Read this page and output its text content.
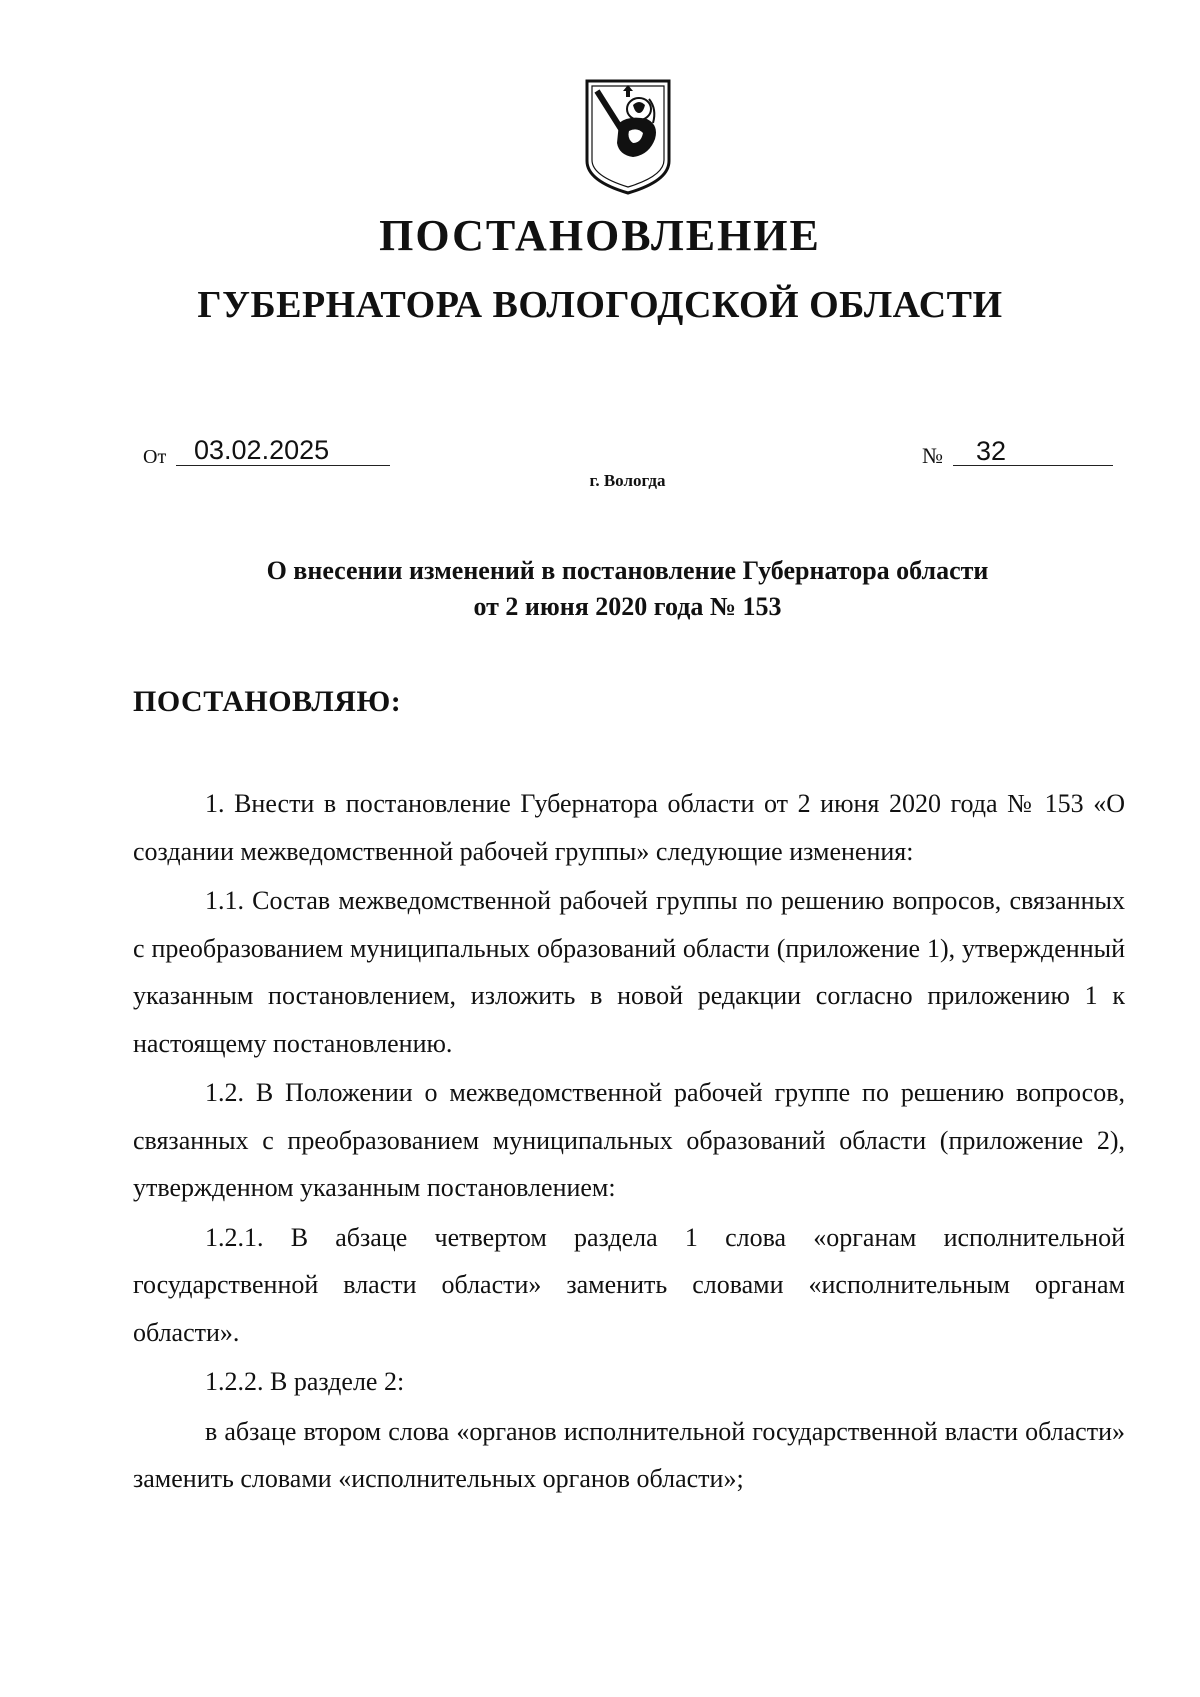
ПОСТАНОВЛЕНИЕ
ГУБЕРНАТОРА ВОЛОГОДСКОЙ ОБЛАСТИ
От 03.02.2025	№ 32
г. Вологда
О внесении изменений в постановление Губернатора области
от 2 июня 2020 года № 153
ПОСТАНОВЛЯЮ:

1. Внести в постановление Губернатора области от 2 июня 2020 года № 153 «О создании межведомственной рабочей группы» следующие изменения:

1.1. Состав межведомственной рабочей группы по решению вопросов, связанных с преобразованием муниципальных образований области (приложение 1), утвержденный указанным постановлением, изложить в новой редакции согласно приложению 1 к настоящему постановлению.

1.2. В Положении о межведомственной рабочей группе по решению вопросов, связанных с преобразованием муниципальных образований области (приложение 2), утвержденном указанным постановлением:

1.2.1. В абзаце четвертом раздела 1 слова «органам исполнительной государственной власти области» заменить словами «исполнительным органам области».

1.2.2. В разделе 2:

в абзаце втором слова «органов исполнительной государственной власти области» заменить словами «исполнительных органов области»;
